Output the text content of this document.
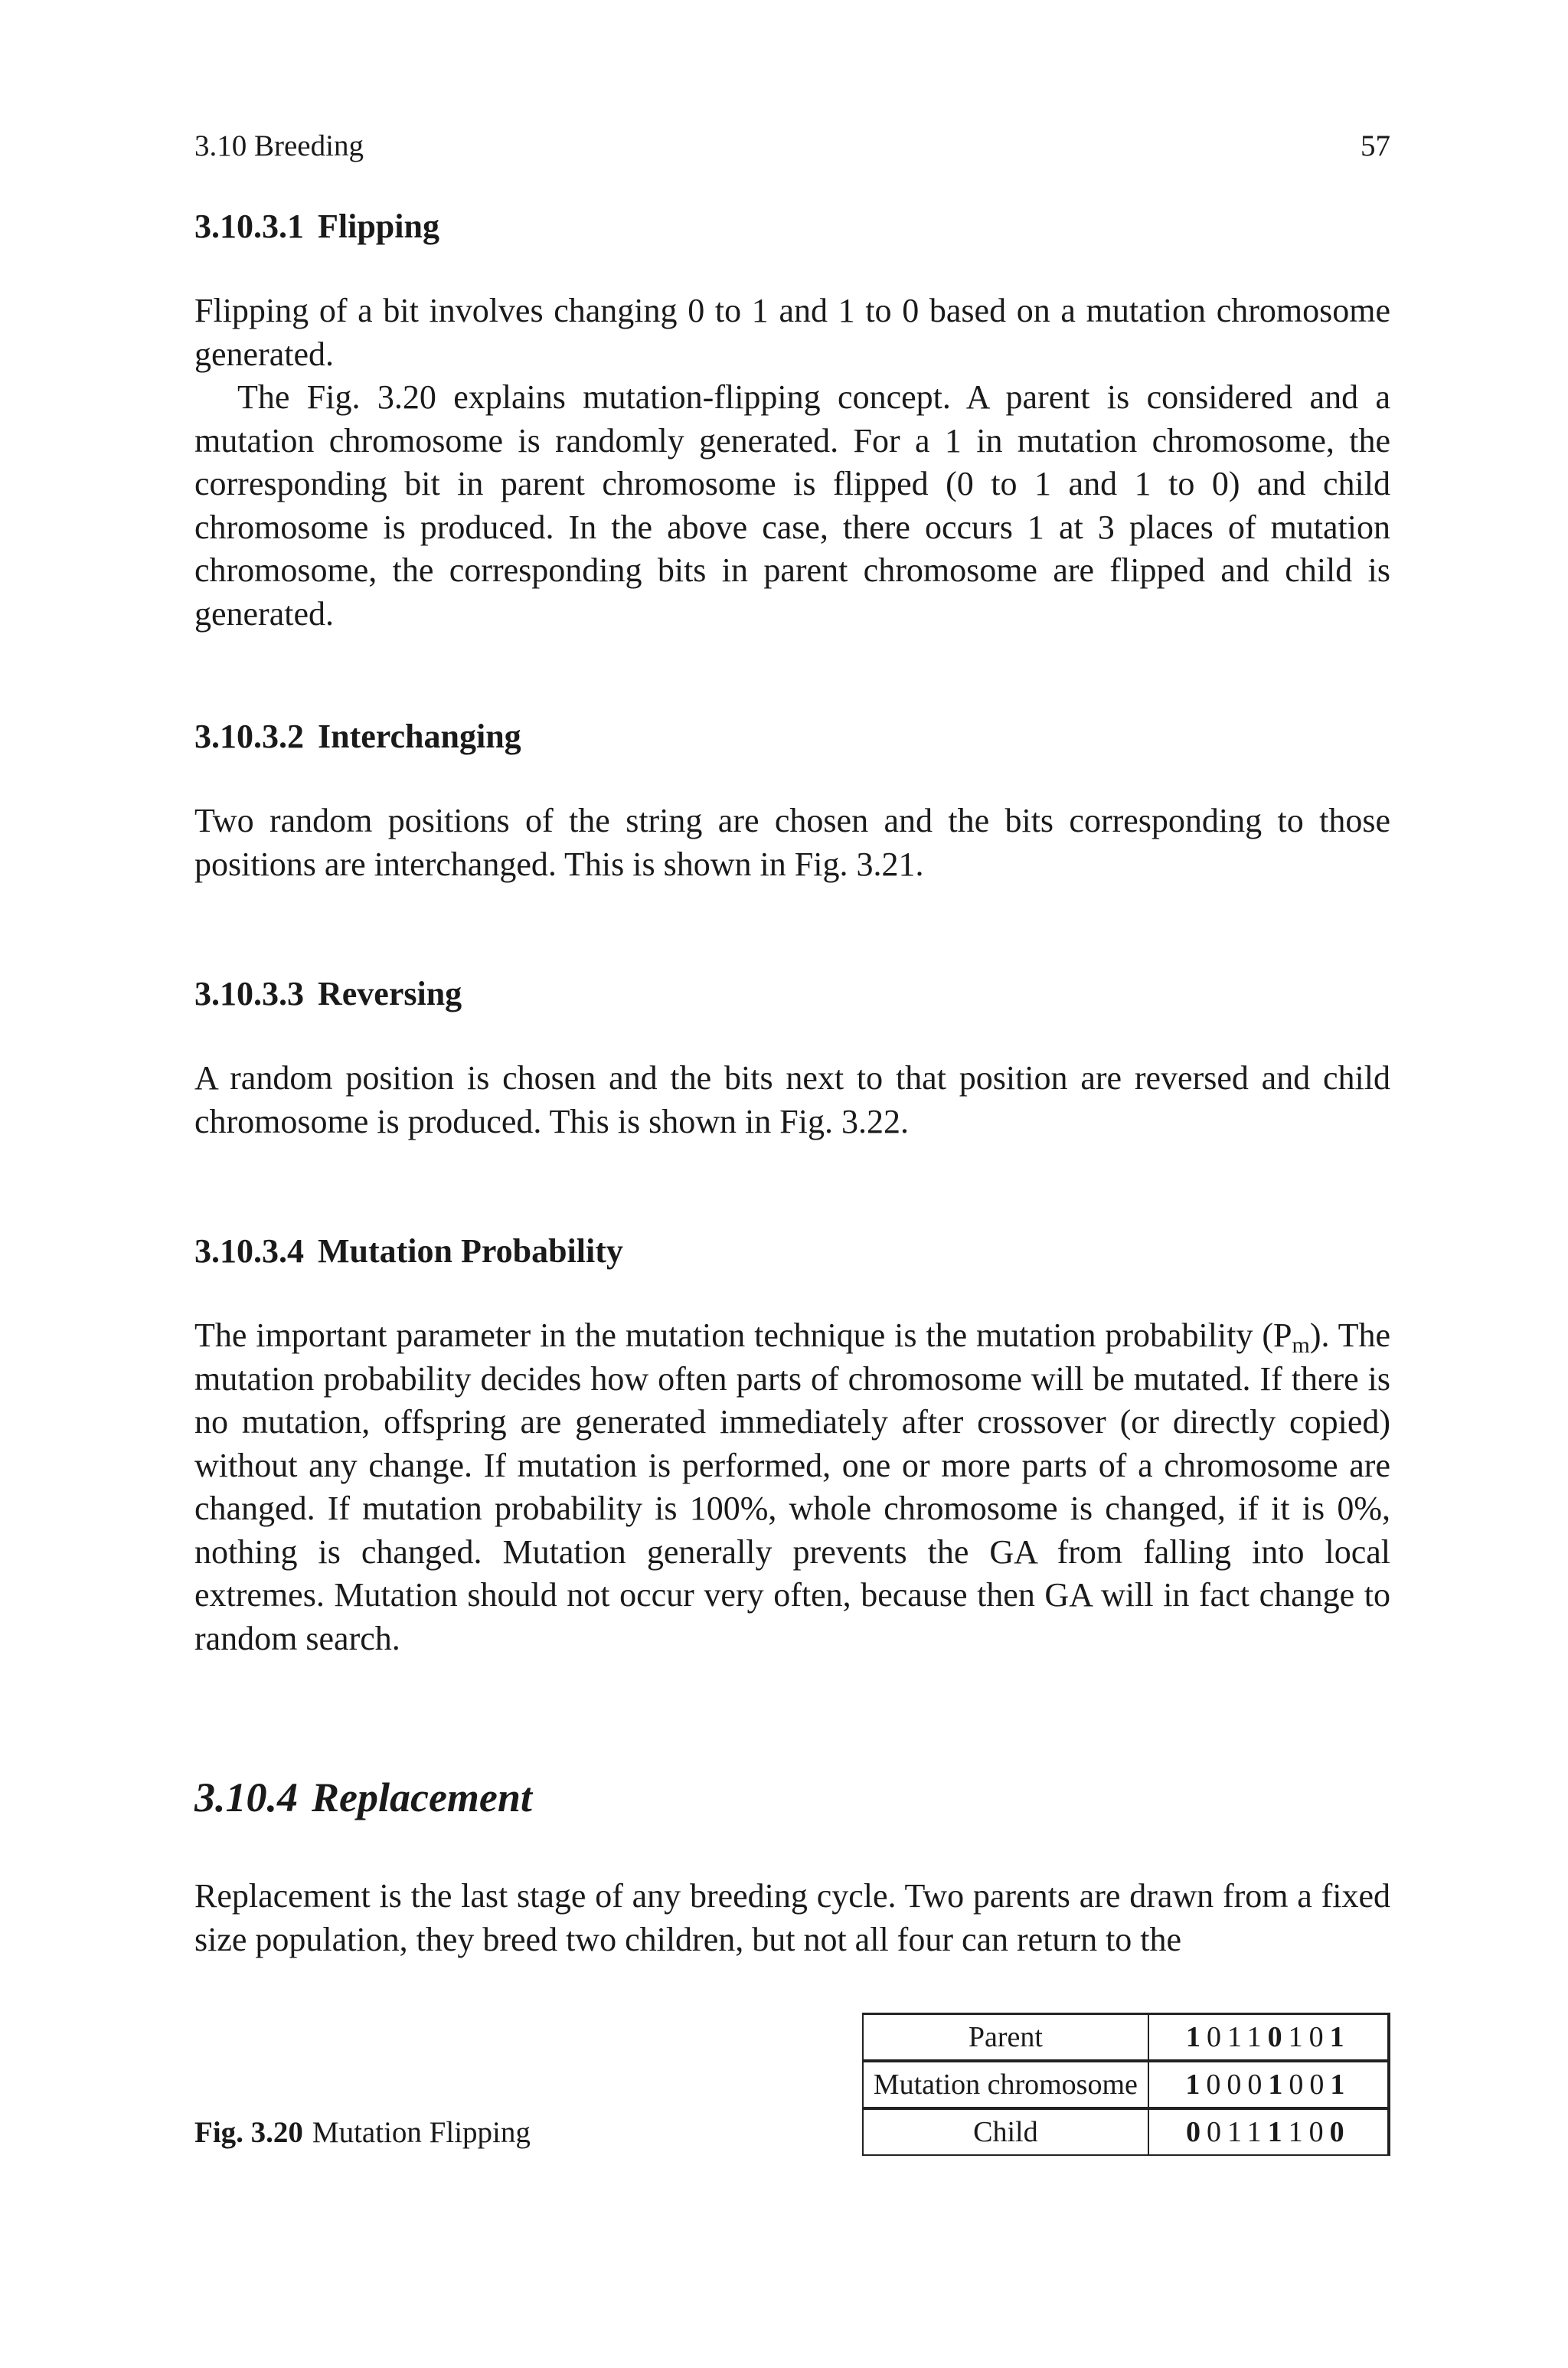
3.10 Breeding	57
3.10.3.1 Flipping

Flipping of a bit involves changing 0 to 1 and 1 to 0 based on a mutation chromosome generated.

The Fig. 3.20 explains mutation-flipping concept. A parent is considered and a mutation chromosome is randomly generated. For a 1 in mutation chromosome, the corresponding bit in parent chromosome is flipped (0 to 1 and 1 to 0) and child chromosome is produced. In the above case, there occurs 1 at 3 places of mutation chromosome, the corresponding bits in parent chromosome are flipped and child is generated.

3.10.3.2 Interchanging

Two random positions of the string are chosen and the bits corresponding to those positions are interchanged. This is shown in Fig. 3.21.

3.10.3.3 Reversing

A random position is chosen and the bits next to that position are reversed and child chromosome is produced. This is shown in Fig. 3.22.

3.10.3.4 Mutation Probability

The important parameter in the mutation technique is the mutation probability $(P_m)$. The mutation probability decides how often parts of chromosome will be mutated. If there is no mutation, offspring are generated immediately after crossover (or directly copied) without any change. If mutation is performed, one or more parts of a chromosome are changed. If mutation probability is 100%, whole chromosome is changed, if it is 0%, nothing is changed. Mutation generally prevents the GA from falling into local extremes. Mutation should not occur very often, because then GA will in fact change to random search.

3.10.4 Replacement

Replacement is the last stage of any breeding cycle. Two parents are drawn from a fixed size population, they breed two children, but not all four can return to the

Fig. 3.20 Mutation Flipping
Parent	10110101
Mutation chromosome	10001001
Child	00111100
